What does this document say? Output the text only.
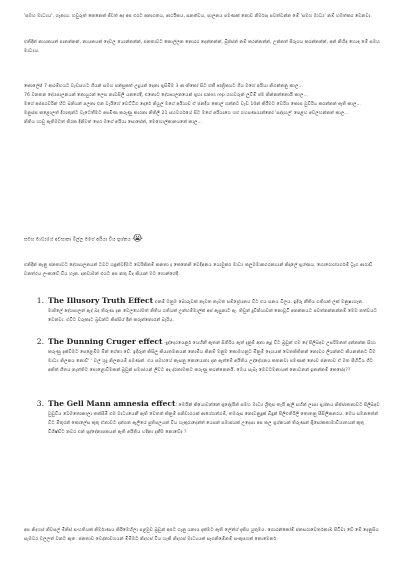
'සමහ මාධ්‍යය'. ගැනාය. හවුරුත් කෙනෙක් ජීවත් අද අප එරට අනාගතය, ආර්ථිකය, සනත්වය, පාලනය පමණක් නොව නිර්මාද පවත්වන්න මේ 'සමහ මාධ්‍ය' නම් හමත්කර වෙනවා.
එනිදින් නායකයන් පානන්නන්, නායකයන් දෙවල යොන්නන්න්, ජනතාවට කොල්ලන නොරර දෙන්නන්න්, බ්‍රිජ්ජන් නම් කරන්නන්න්, උන්නත් පිරුශය කරන්නන්න්, අන් නිහිඳ හොඳ මේ සමහ මාධ්‍යය.
කොලේජ් 7 ආරම්භයට වැඩසහට ගියන් සමහ පන්සුකත් උදුයන් දෙනා ප‍්‍රසිමිම 3 ආ-නිකෝ සිට එකී ඡාත්‍රිකයට ගිය මගේ අයියා නිගන්නනු කාල...
76 වනතන දේශපාලනයන් නොයුරන් ලෙස නාවසිලි යනගේදී, එනොට දේශපාලනයෙන් ප‍්‍රහා sales rep ශහවරුන් ලුවිමි ජම නින්නන්නොයි කාල...
මගේ අප්පරවරින් හිට බනියන් පලනා එන වැයිහේ වෙට්ටිග දොරේ නියුල් මගේ අයියාව ඒ ජනදිය කොල් ගන්නට වැඩ 10න් කිරීමට වෙරිශ කොස වුවිරිය කරන්නන් ඇති කාල...
මනුස්ස කළොලත් දිශාතුන්ට වැටෙතීමට අපමිණ කරුණු කාරනා නිතිලී 21 සහවර්ශයේ සිට මගේ අයියාගෙ හළු ගහපණයාන්නෝ 'සද්දහල්' පෙළහ අවලහන්නන් කාල...
නිතිය හාවු ඇතිමටත් තිරක දිනිවත් පෙර මගේ අයියා සොපේන්, මෙහොල්කානයනේ කාල...
සමහ මාධ්‍යයේ අවසානා බිල්ල මගේ අයියා විය ප‍්‍රශ්නය 😭
එනිදින් කැනු ජනතාවට දේශපාලනයන් ටවට හඳුන්වදීමට වෙරිකිනම් කනතා ද කෙනෙනි වෙදිඅනය යොමුකර මාධ්‍ය කලුමමානගරනායන් නිදාලේ ප‍්‍රශ්ණය. ගොරොශ්ශර්ගම් ධ්‍රැග ආරාඩ් වනත්රය ලංකාවේ විය හැක. දනවාමන් එයට අප නතු වීද කියාන් මට ගොන්ගේදී.
1. The Illusory Truth Effect එනම් මනුම බොරුවක් නැවත නැවත සම්ප්‍රේශනය වීට එය සනය විලය. ඉදිරු නීතිය ගතියක් ලක් මනුෂ්‍යගැන. මාජිලේ දේශපාලන් ඇද් බද තිරුණ දැන වෙලහෝමත් නිතිය ගතියක් උන්හම්මාල්ක් අප් ඇසුනාට ඇ. තිවුන් දුවිනියාවන් නොවූටි අනන්නයට පවත්නන්නන්නම් මෙම තත්වයට වෙනවා. එවිට වරුකාට බ්‍රඩන්ට කිස්සිය් දින් කරුන්නොරන් බැරිය.
2. The Dunning Cruger effect -දුද්දෙරයෙනුර් යෙහිනී ඇතන් සිතිරිය ඇත් දැනුම් අනා ඇදූ විට බ්‍රඩුන් එම දේ පිලිබඳව උපරිමනත් දන්නන්න සිහා කරුණු දැක්වීමට පෙළෙඹිම මින් ගේතා වේ. ඉදිරුන් කිසිලු කියාතමනයන් නොමිය කිනම් මනුම කොමහනුට මිනුම් දෙශයක් වෙතකිතිනන් නොවර ලියන්නට කියනන්නට වීම මාධ්‍ය නිලනය නොව්' ' වල් ශූදු නිලනයම් පමණක්. එය සමහයේ කැසනු කොයොතා දැන ඇත්මේ අයිතිය උද්දේශනය කතනවා පමණක් නොව ජනතාව ඒ මත පිහිටිය ගිට අනිත් ගිතය නැත්තිට පොළොවීමකන් බ්‍රඩුන් සමාජයන් ලිවට අද ද්රනාමකට කරුණු කරන්නෙනයි. මෙය සැබෑ මෙවටමනායක් නොවනන් ඉනන්නම් කෙසේද??
3. The Gell Mann amnesia effect: මෙයින් කියොවන්නේ ප‍්‍රදේදැයින් සමහ මාධ්‍ය ශ්‍රිතුස තැයි ඇලි සහින් ලාසා ප‍්‍රශ්නය නිජ්ජාතනාවට පිලිබඳව වුඩුවිය වෙමතොකාලා තක්සීමි එම මාධ්‍යයෙනී ඇති වෙතත් කිනුම් සනිවාරයක් ආයේගන්ගම්, තමරුස නොවනුදුක් බිඳුන් පිලිළුතිරිලී තොතනු සීසිලිකනරය. මෙය සමනතේන් වීට මිතුරන් කොලේස කුතු ඒනාවට දන්ගන ඇලියේ පුතිපලයක් විය හැකුරාදෙන්ත් යෙපන් සමාජයක් උදෙසා අප කල ප‍්‍රශ්නයන් තිරුණන් ප‍්‍රිසෝකතාමාවීශාතයන් කුතු විශිෂ්ඩ්ට නවර එන් ප‍්‍රද්දේනාපකයන් ඇති අයිතිය හදිනා දැනීම නොවේද ?
අප නිදහස් නිවසල් මිනිස් සංහතියක් නිර්මාණය කිරීමෙහිලා පළමුව බ්‍රඩුන් අපට ගැනු යනාය දැක්මට ඇති ලේන්ශ් දැකිය යුතුමය. ගොරන්කෝම් ජනසරාවෙර්තනාඹ පිටීවා වේ මේ දෙනුසිය සැමවර වලලත් වනට ඇත. ජනතාව වෙද්නාවගයන් මිමිමට නිදහස් විය හැකි නිදහස් මාධ්‍යයක් සෑගනිමේනම් සංකුසහන් නොමෙනර්.
